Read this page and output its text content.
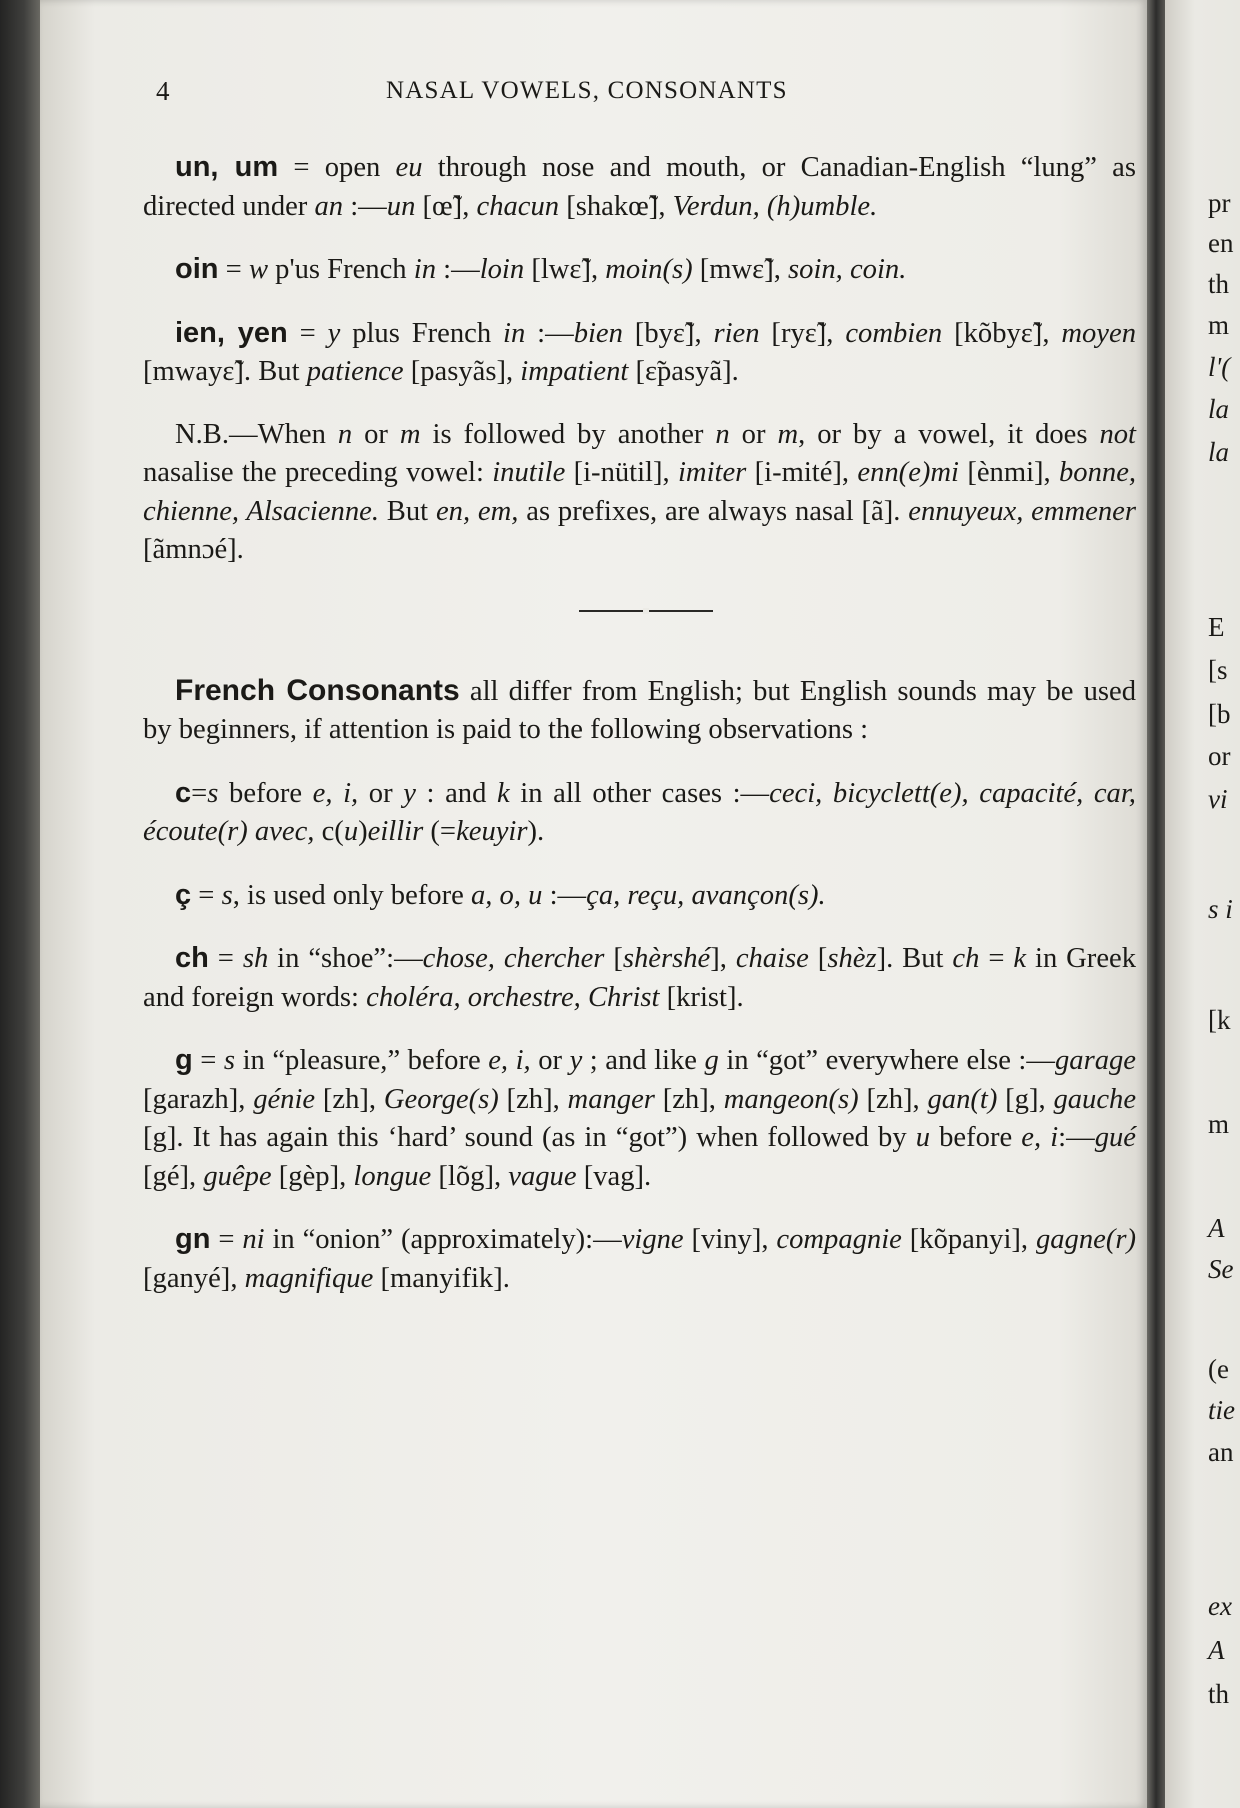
4	NASAL VOWELS, CONSONANTS

un, um = open eu through nose and mouth, or Canadian-English “lung” as directed under an :—un [œ̃], chacun [shakœ̃], Verdun, (h)umble.

oin = w p'us French in :—loin [lwɛ̃], moin(s) [mwɛ̃], soin, coin.

ien, yen = y plus French in :—bien [byɛ̃], rien [ryɛ̃], combien [kõbyɛ̃], moyen [mwayɛ̃]. But patience [pasyãs], impatient [ɛ̃pasyã].

N.B.—When n or m is followed by another n or m, or by a vowel, it does not nasalise the preceding vowel: inutile [i-nütil], imiter [i-mité], enn(e)mi [ènmi], bonne, chienne, Alsacienne. But en, em, as prefixes, are always nasal [ã]. ennuyeux, emmener [ãmnɔé].

French Consonants all differ from English; but English sounds may be used by beginners, if attention is paid to the following observations :

c=s before e, i, or y : and k in all other cases :—ceci, bicyclett(e), capacité, car, écoute(r) avec, c(u)eillir (=keuyir).

ç = s, is used only before a, o, u :—ça, reçu, avançon(s).

ch = sh in “shoe”:—chose, chercher [shèrshé], chaise [shèz]. But ch = k in Greek and foreign words: choléra, orchestre, Christ [krist].

g = s in “pleasure,” before e, i, or y ; and like g in “got” everywhere else :—garage [garazh], génie [zh], George(s) [zh], manger [zh], mangeon(s) [zh], gan(t) [g], gauche [g]. It has again this ‘hard’ sound (as in “got”) when followed by u before e, i:—gué [gé], guêpe [gèp], longue [lõg], vague [vag].

gn = ni in “onion” (approximately):—vigne [viny], compagnie [kõpanyi], gagne(r) [ganyé], magnifique [manyifik].

pr
en
th
m
l'(
la
la
E
[s
[b
or
vi
s i
[k
m
A
Se
(e
tie
an
ex
A
th
